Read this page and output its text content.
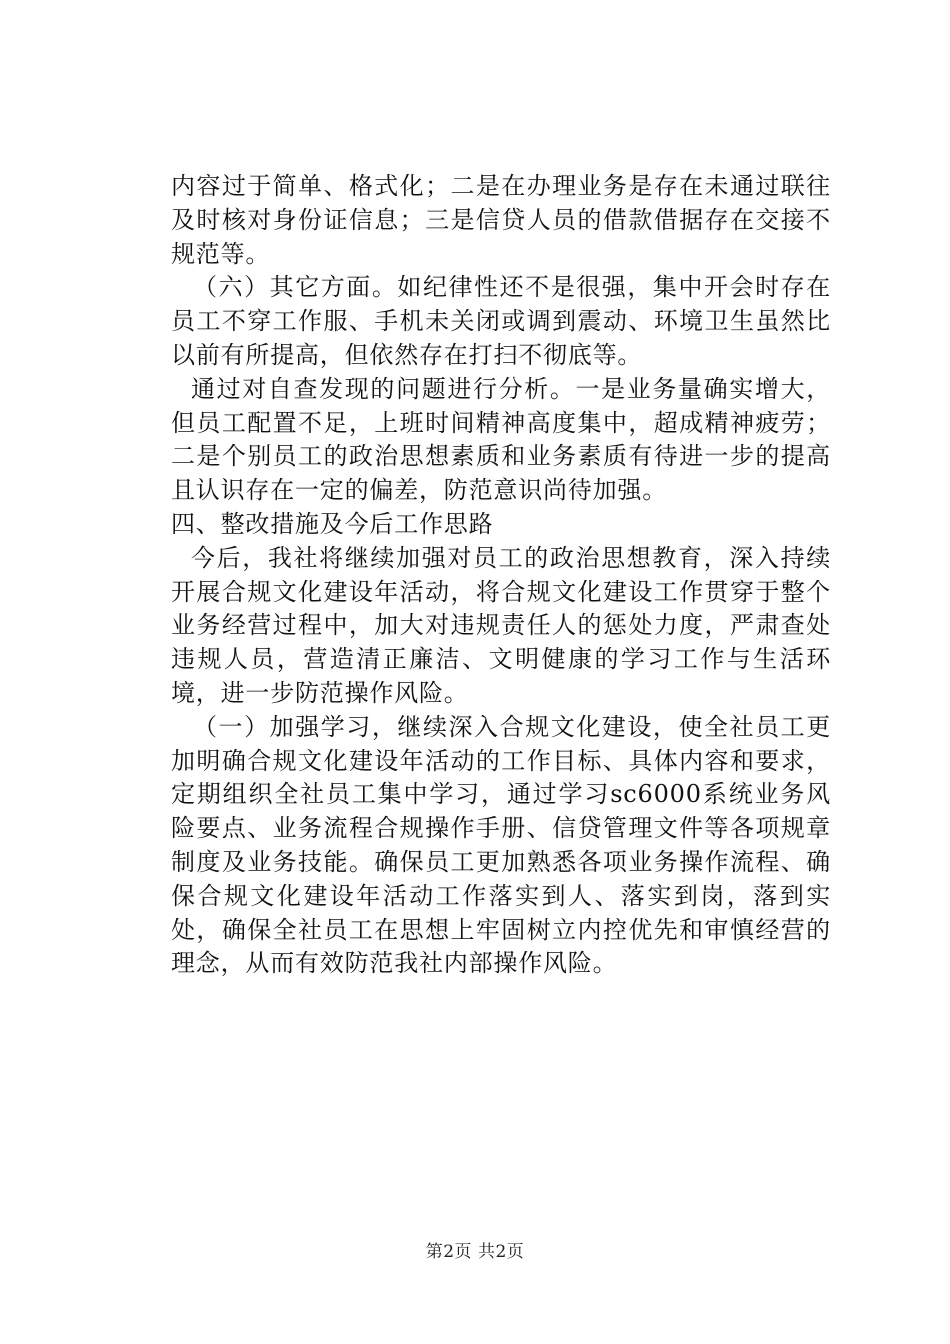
内容过于简单、格式化；二是在办理业务是存在未通过联往及时核对身份证信息；三是信贷人员的借款借据存在交接不规范等。

（六）其它方面。如纪律性还不是很强，集中开会时存在员工不穿工作服、手机未关闭或调到震动、环境卫生虽然比以前有所提高，但依然存在打扫不彻底等。

通过对自查发现的问题进行分析。一是业务量确实增大，但员工配置不足，上班时间精神高度集中，超成精神疲劳；二是个别员工的政治思想素质和业务素质有待进一步的提高且认识存在一定的偏差，防范意识尚待加强。

四、整改措施及今后工作思路

今后，我社将继续加强对员工的政治思想教育，深入持续开展合规文化建设年活动，将合规文化建设工作贯穿于整个业务经营过程中，加大对违规责任人的惩处力度，严肃查处违规人员，营造清正廉洁、文明健康的学习工作与生活环境，进一步防范操作风险。

（一）加强学习，继续深入合规文化建设，使全社员工更加明确合规文化建设年活动的工作目标、具体内容和要求，定期组织全社员工集中学习，通过学习sc6000系统业务风险要点、业务流程合规操作手册、信贷管理文件等各项规章制度及业务技能。确保员工更加熟悉各项业务操作流程、确保合规文化建设年活动工作落实到人、落实到岗，落到实处，确保全社员工在思想上牢固树立内控优先和审慎经营的理念，从而有效防范我社内部操作风险。

第2页 共2页
